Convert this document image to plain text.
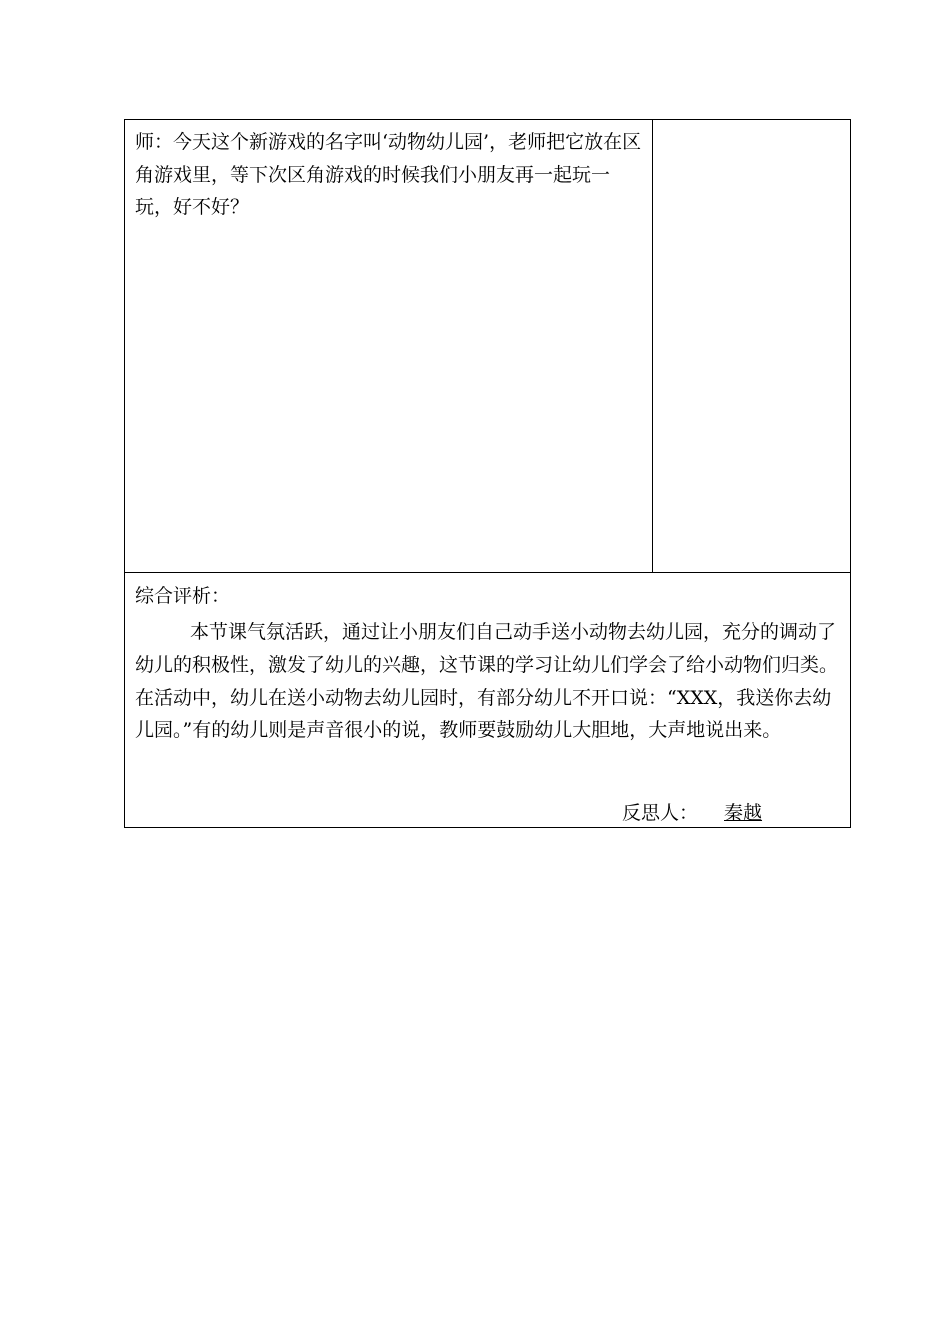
师：今天这个新游戏的名字叫‘动物幼儿园’，老师把它放在区角游戏里，等下次区角游戏的时候我们小朋友再一起玩一玩，好不好？

综合评析：

本节课气氛活跃，通过让小朋友们自己动手送小动物去幼儿园，充分的调动了幼儿的积极性，激发了幼儿的兴趣，这节课的学习让幼儿们学会了给小动物们归类。在活动中，幼儿在送小动物去幼儿园时，有部分幼儿不开口说：“XXX，我送你去幼儿园。”有的幼儿则是声音很小的说，教师要鼓励幼儿大胆地，大声地说出来。

反思人： 秦越
